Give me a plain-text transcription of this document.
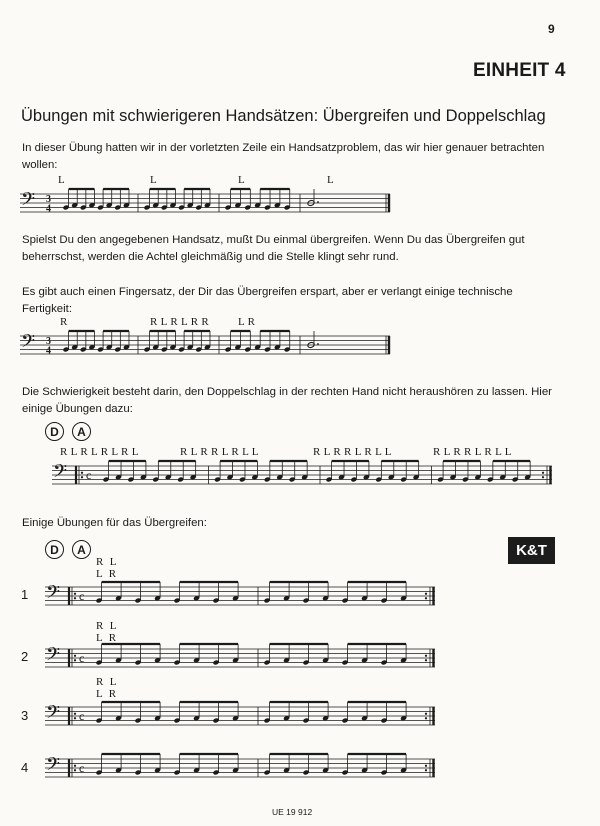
9
EINHEIT 4
Übungen mit schwierigeren Handsätzen: Übergreifen und Doppelschlag
In dieser Übung hatten wir in der vorletzten Zeile ein Handsatzproblem, das wir hier genauer betrachten wollen:
L	L	L	L
𝄢 3
4
Spielst Du den angegebenen Handsatz, mußt Du einmal übergreifen. Wenn Du das Übergreifen gut beherrschst, werden die Achtel gleichmäßig und die Stelle klingt sehr rund.
Es gibt auch einen Fingersatz, der Dir das Übergreifen erspart, aber er verlangt einige technische Fertigkeit:
R	R L R L R R	L R
𝄢 3
4
Die Schwierigkeit besteht darin, den Doppelschlag in der rechten Hand nicht heraushören zu lassen. Hier einige Übungen dazu:
D	A
R L R L R L R L	R L R R L R L L	R L R R L R L L	R L R R L R L L
𝄢 c
Einige Übungen für das Übergreifen:
D	A	K&T
R  L
L  R
1 𝄢 c
R  L
L  R
2 𝄢 c
R  L
L  R
3 𝄢 c
4 𝄢 c
UE 19 912
